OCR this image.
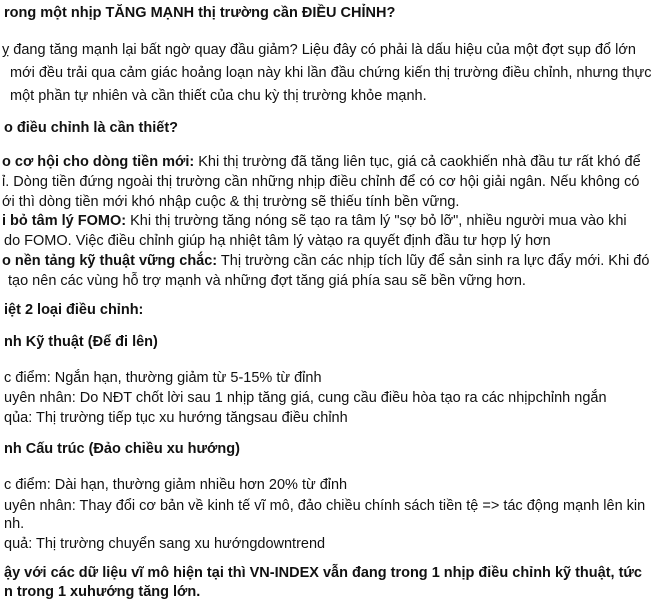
rong một nhịp TĂNG MẠNH thị trường cần ĐIỀU CHỈNH?
ỵ đang tăng mạnh lại bất ngờ quay đầu giảm? Liệu đây có phải là dấu hiệu của một đợt sụp đổ lớn
mới đều trải qua cảm giác hoảng loạn này khi lần đầu chứng kiến thị trường điều chỉnh, nhưng thực
một phần tự nhiên và cần thiết của chu kỳ thị trường khỏe mạnh.
o điều chỉnh là cần thiết?
o cơ hội cho dòng tiền mới: Khi thị trường đã tăng liên tục, giá cả caokhiến nhà đầu tư rất khó để
ỉ. Dòng tiền đứng ngoài thị trường cần những nhịp điều chỉnh để có cơ hội giải ngân. Nếu không có
ới thì dòng tiền mới khó nhập cuộc & thị trường sẽ thiếu tính bền vững.
i bỏ tâm lý FOMO: Khi thị trường tăng nóng sẽ tạo ra tâm lý "sợ bỏ lỡ", nhiều người mua vào khi
do FOMO. Việc điều chỉnh giúp hạ nhiệt tâm lý vàtạo ra quyết định đầu tư hợp lý hơn
o nền tảng kỹ thuật vững chắc: Thị trường cần các nhịp tích lũy để sản sinh ra lực đẩy mới. Khi đó
tạo nên các vùng hỗ trợ mạnh và những đợt tăng giá phía sau sẽ bền vững hơn.
iệt 2 loại điều chỉnh:
nh Kỹ thuật (Để đi lên)
c điểm: Ngắn hạn, thường giảm từ 5-15% từ đỉnh
uyên nhân: Do NĐT chốt lời sau 1 nhịp tăng giá, cung cầu điều hòa tạo ra các nhịpchỉnh ngắn
qủa: Thị trường tiếp tục xu hướng tăngsau điều chỉnh
nh Cấu trúc (Đảo chiều xu hướng)
c điểm: Dài hạn, thường giảm nhiều hơn 20% từ đỉnh
uyên nhân: Thay đổi cơ bản về kinh tế vĩ mô, đảo chiều chính sách tiền tệ => tác động mạnh lên kin
nh.
quả: Thị trường chuyển sang xu hướngdowntrend
ậy với các dữ liệu vĩ mô hiện tại thì VN-INDEX vẫn đang trong 1 nhịp điều chỉnh kỹ thuật, tức
n trong 1 xuhướng tăng lớn.
